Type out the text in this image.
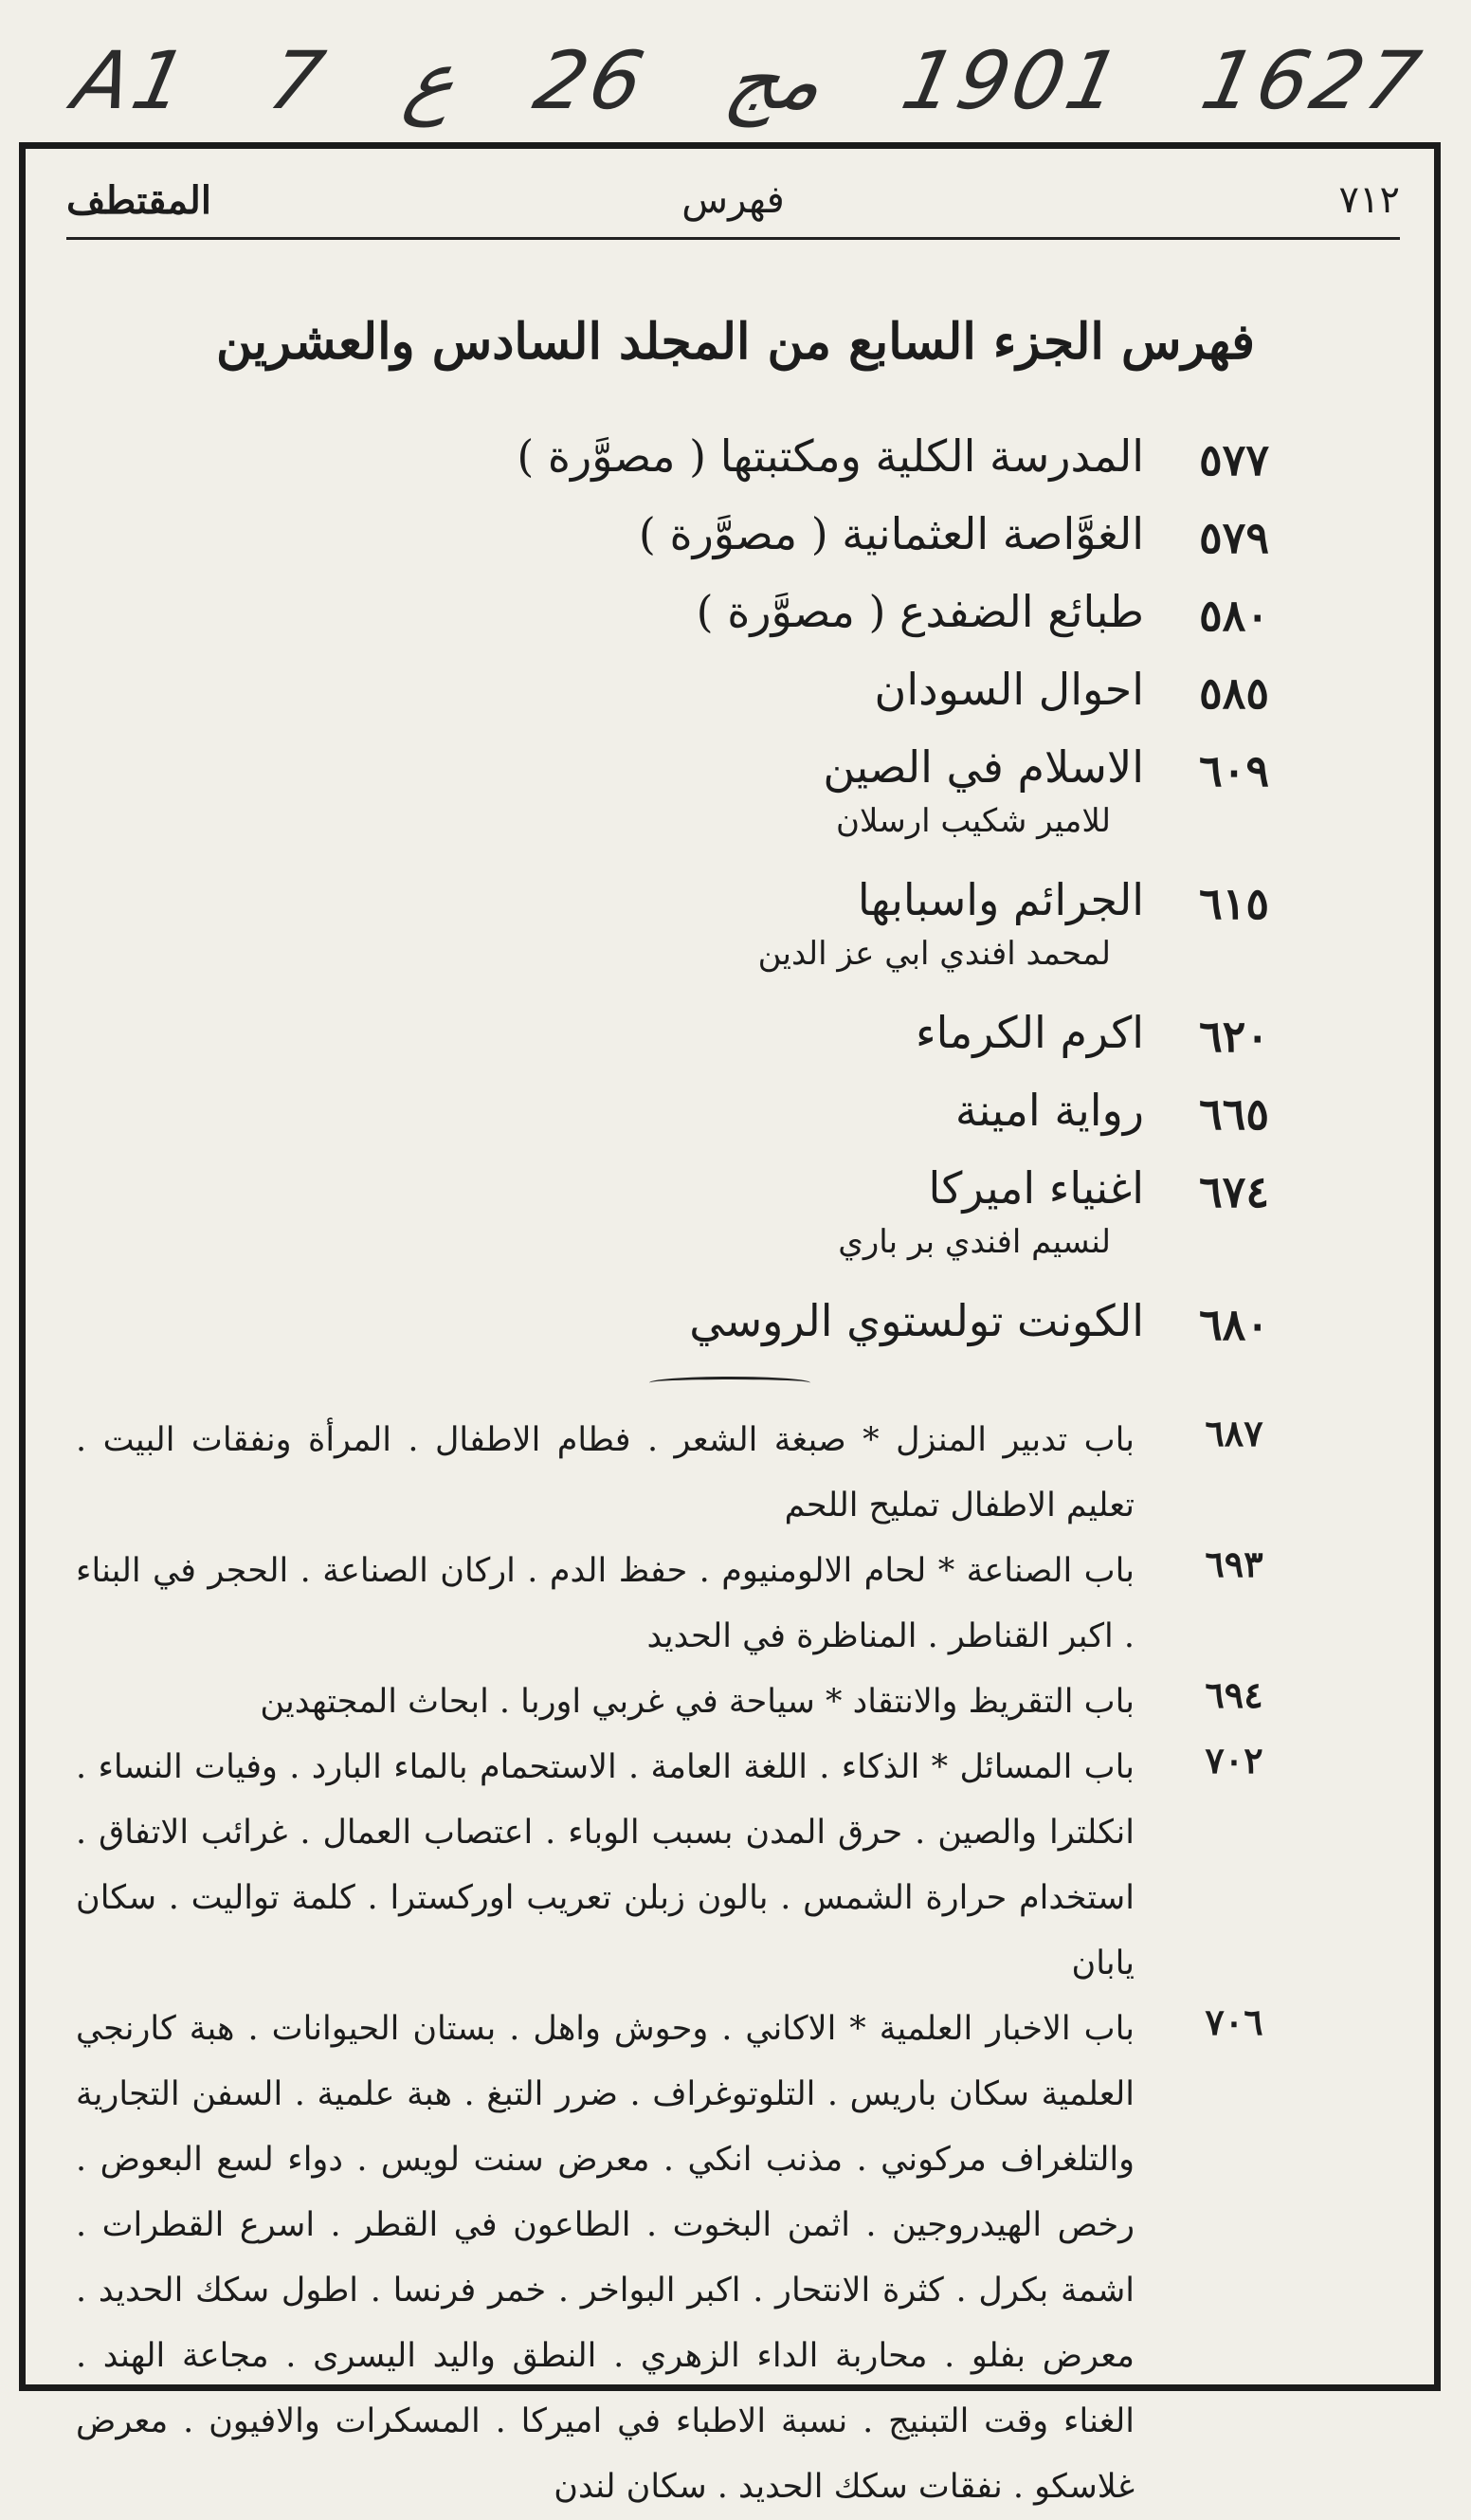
A1 7 ع 26 مج 1901 1627
٧١٢
فهرس
المقتطف
فهرس الجزء السابع من المجلد السادس والعشرين
٥٧٧
المدرسة الكلية ومكتبتها ( مصوَّرة )
٥٧٩
الغوَّاصة العثمانية ( مصوَّرة )
٥٨٠
طبائع الضفدع ( مصوَّرة )
٥٨٥
احوال السودان
٦٠٩
الاسلام في الصين
للامير شكيب ارسلان
٦١٥
الجرائم واسبابها
لمحمد افندي ابي عز الدين
٦٢٠
اكرم الكرماء
٦٦٥
رواية امينة
٦٧٤
اغنياء اميركا
لنسيم افندي بر باري
٦٨٠
الكونت تولستوي الروسي
٦٨٧
باب تدبير المنزل * صبغة الشعر . فطام الاطفال . المرأة ونفقات البيت . تعليم الاطفال تمليح اللحم
٦٩٣
باب الصناعة * لحام الالومنيوم . حفظ الدم . اركان الصناعة . الحجر في البناء . اكبر القناطر . المناظرة في الحديد
٦٩٤
باب التقريظ والانتقاد * سياحة في غربي اوربا . ابحاث المجتهدين
٧٠٢
باب المسائل * الذكاء . اللغة العامة . الاستحمام بالماء البارد . وفيات النساء . انكلترا والصين . حرق المدن بسبب الوباء . اعتصاب العمال . غرائب الاتفاق . استخدام حرارة الشمس . بالون زبلن تعريب اوركسترا . كلمة تواليت . سكان يابان
٧٠٦
باب الاخبار العلمية * الاكاني . وحوش واهل . بستان الحيوانات . هبة كارنجي العلمية سكان باريس . التلوتوغراف . ضرر التبغ . هبة علمية . السفن التجارية والتلغراف مركوني . مذنب انكي . معرض سنت لويس . دواء لسع البعوض . رخص الهيدروجين . اثمن البخوت . الطاعون في القطر . اسرع القطرات . اشمة بكرل . كثرة الانتحار . اكبر البواخر . خمر فرنسا . اطول سكك الحديد . معرض بفلو . محاربة الداء الزهري . النطق واليد اليسرى . مجاعة الهند . الغناء وقت التبنيج . نسبة الاطباء في اميركا . المسكرات والافيون . معرض غلاسكو . نفقات سكك الحديد . سكان لندن
